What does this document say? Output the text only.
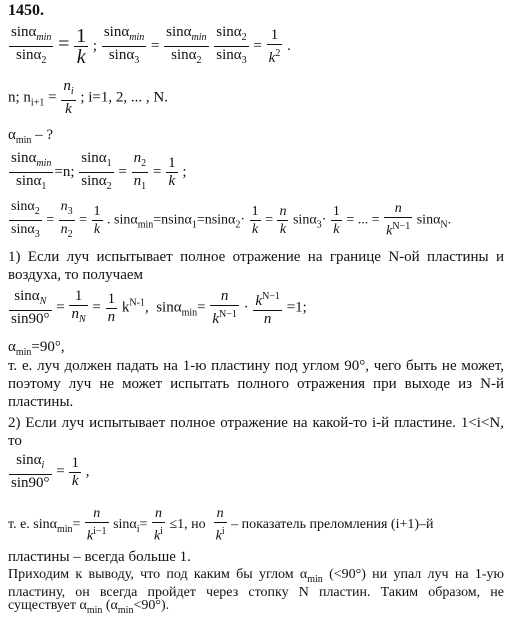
1450.
$\frac{\sin\alpha_{min}}{\sin\alpha_2} = \frac{1}{k}$ ; $\frac{\sin\alpha_{min}}{\sin\alpha_3} = \frac{\sin\alpha_{min}}{\sin\alpha_2}$
$\frac{\sin\alpha_2}{\sin\alpha_3} = \frac{1}{k^2}$ .
n; $n_{i+1} = \frac{n_i}{k}$ ; i=1, 2, ... , N.
$\alpha_{min}$ – ?
$\frac{\sin\alpha_{min}}{\sin\alpha_1} =n$; $\frac{\sin\alpha_1}{\sin\alpha_2} = \frac{n_2}{n_1} = \frac{1}{k}$ ;
$\frac{\sin\alpha_2}{\sin\alpha_3} = \frac{n_3}{n_2} = \frac{1}{k}$ . $\sin\alpha_{min}=nsin\alpha_1=nsin\alpha_2\cdot \frac{1}{k} = \frac{n}{k} \sin\alpha_3\cdot \frac{1}{k}$ = ... = $\frac{n}{k^{N-1}} \sin\alpha_N$.
1) Если луч испытывает полное отражение на границе N-ой пластины и воздуха, то получаем
$\frac{\sin\alpha_N}{\sin 90^\circ} = \frac{1}{n_N} = \frac{1}{n} k^{N-1}$, $\sin\alpha_{min}= \frac{n}{k^{N-1}} \cdot \frac{k^{N-1}}{n} =1$;
$\alpha_{min}=90^\circ$,
т. е. луч должен падать на 1-ю пластину под углом 90°, чего быть не может, поэтому луч не может испытать полного отражения при выходе из N-й пластины.
2) Если луч испытывает полное отражение на какой-то i-й пластине. 1<i<N, то
$\frac{\sin\alpha_i}{\sin 90^\circ} = \frac{1}{k}$ ,
т. е. $\sin\alpha_{min}= \frac{n}{k^{i-1}} \sin\alpha_i= \frac{n}{k^i} \le 1$, но $\frac{n}{k^i}$ – показатель преломления (i+1)–й
пластины – всегда больше 1.
Приходим к выводу, что под каким бы углом $\alpha_{min}$ (<90°) ни упал луч на 1-ую пластину, он всегда пройдет через стопку N пластин. Таким образом, не существует $\alpha_{min}$ $(\alpha_{min}<90^\circ)$.
